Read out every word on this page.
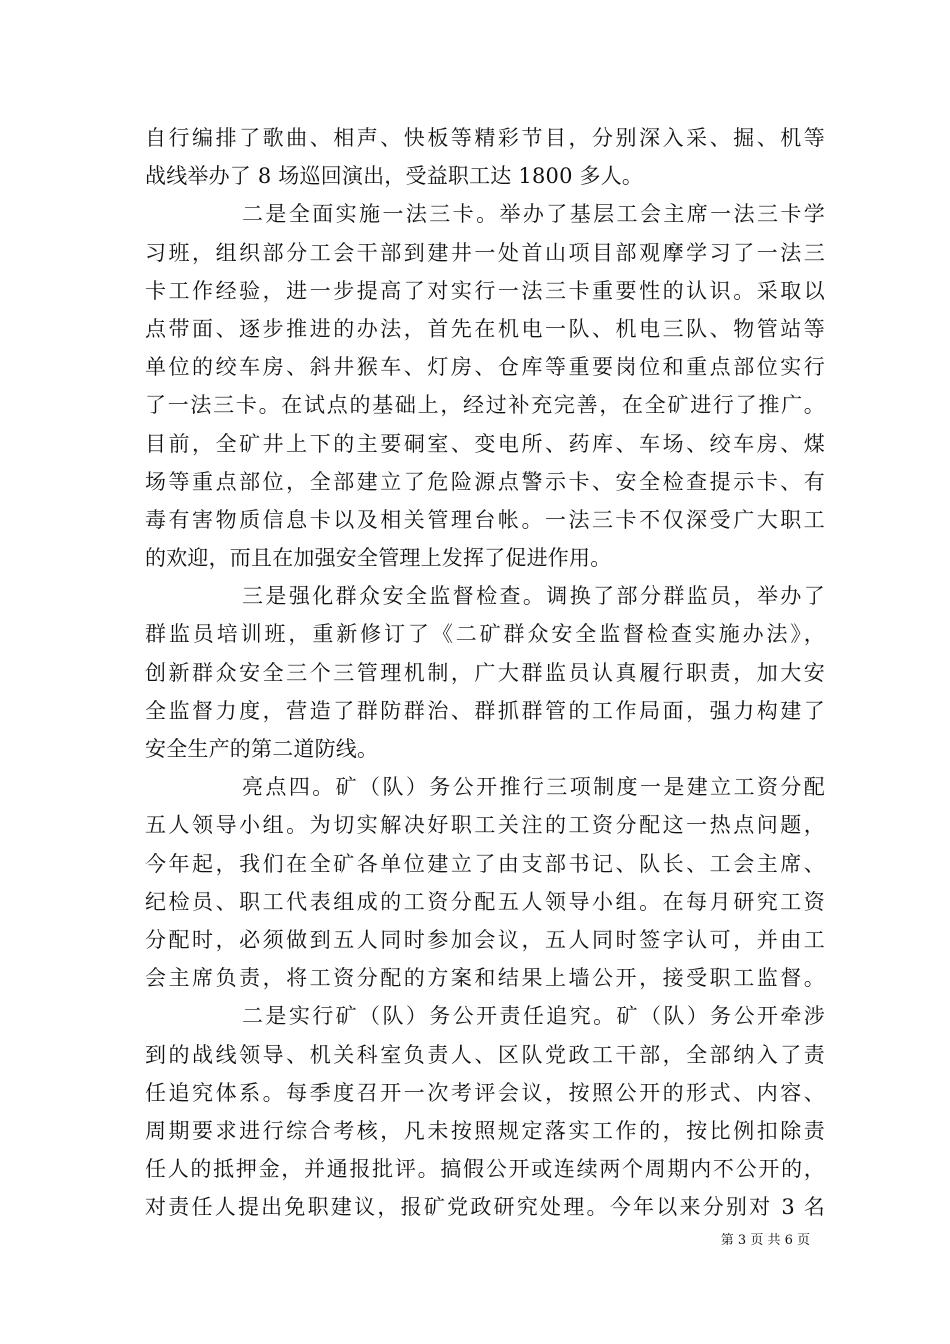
自行编排了歌曲、相声、快板等精彩节目，分别深入采、掘、机等
战线举办了 8 场巡回演出，受益职工达 1800 多人。
二是全面实施一法三卡。举办了基层工会主席一法三卡学
习班，组织部分工会干部到建井一处首山项目部观摩学习了一法三
卡工作经验，进一步提高了对实行一法三卡重要性的认识。采取以
点带面、逐步推进的办法，首先在机电一队、机电三队、物管站等
单位的绞车房、斜井猴车、灯房、仓库等重要岗位和重点部位实行
了一法三卡。在试点的基础上，经过补充完善，在全矿进行了推广。
目前，全矿井上下的主要硐室、变电所、药库、车场、绞车房、煤
场等重点部位，全部建立了危险源点警示卡、安全检查提示卡、有
毒有害物质信息卡以及相关管理台帐。一法三卡不仅深受广大职工
的欢迎，而且在加强安全管理上发挥了促进作用。
三是强化群众安全监督检查。调换了部分群监员，举办了
群监员培训班，重新修订了《二矿群众安全监督检查实施办法》，
创新群众安全三个三管理机制，广大群监员认真履行职责，加大安
全监督力度，营造了群防群治、群抓群管的工作局面，强力构建了
安全生产的第二道防线。
亮点四。矿（队）务公开推行三项制度一是建立工资分配
五人领导小组。为切实解决好职工关注的工资分配这一热点问题，
今年起，我们在全矿各单位建立了由支部书记、队长、工会主席、
纪检员、职工代表组成的工资分配五人领导小组。在每月研究工资
分配时，必须做到五人同时参加会议，五人同时签字认可，并由工
会主席负责，将工资分配的方案和结果上墙公开，接受职工监督。
二是实行矿（队）务公开责任追究。矿（队）务公开牵涉
到的战线领导、机关科室负责人、区队党政工干部，全部纳入了责
任追究体系。每季度召开一次考评会议，按照公开的形式、内容、
周期要求进行综合考核，凡未按照规定落实工作的，按比例扣除责
任人的抵押金，并通报批评。搞假公开或连续两个周期内不公开的，
对责任人提出免职建议，报矿党政研究处理。今年以来分别对 3 名
第 3 页 共 6 页
